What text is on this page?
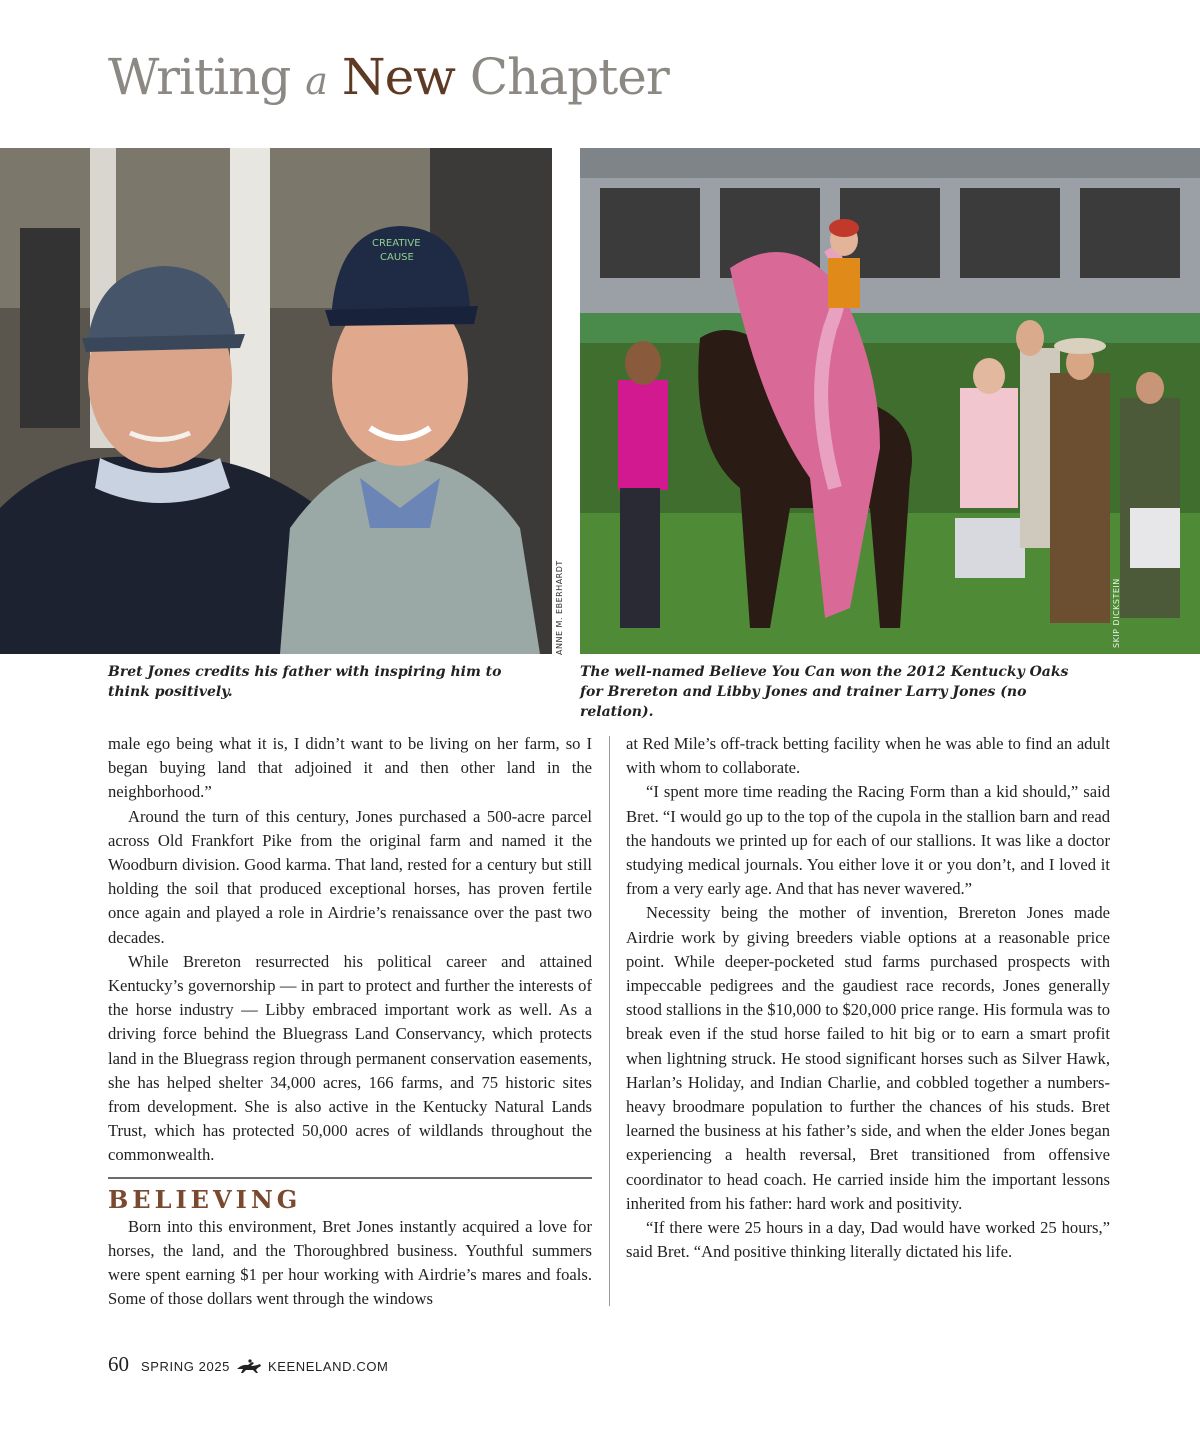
Writing a New Chapter
CREATIVE
CAUSE
ANNE M. EBERHARDT	SKIP DICKSTEIN

Bret Jones credits his father with inspiring him to think positively.

The well-named Believe You Can won the 2012 Kentucky Oaks for Brereton and Libby Jones and trainer Larry Jones (no relation).

male ego being what it is, I didn’t want to be living on her farm, so I began buying land that adjoined it and then other land in the neighborhood.”

Around the turn of this century, Jones purchased a 500-acre parcel across Old Frankfort Pike from the original farm and named it the Woodburn division. Good karma. That land, rested for a century but still holding the soil that produced exceptional horses, has proven fertile once again and played a role in Airdrie’s renaissance over the past two decades.

While Brereton resurrected his political career and attained Kentucky’s governorship — in part to protect and further the interests of the horse industry — Libby embraced important work as well. As a driving force behind the Bluegrass Land Conservancy, which protects land in the Bluegrass region through permanent conservation easements, she has helped shelter 34,000 acres, 166 farms, and 75 historic sites from development. She is also active in the Kentucky Natural Lands Trust, which has protected 50,000 acres of wildlands throughout the commonwealth.

BELIEVING

Born into this environment, Bret Jones instantly acquired a love for horses, the land, and the Thoroughbred business. Youthful summers were spent earning $1 per hour working with Airdrie’s mares and foals. Some of those dollars went through the windows

at Red Mile’s off-track betting facility when he was able to find an adult with whom to collaborate.

“I spent more time reading the Racing Form than a kid should,” said Bret. “I would go up to the top of the cupola in the stallion barn and read the handouts we printed up for each of our stallions. It was like a doctor studying medical journals. You either love it or you don’t, and I loved it from a very early age. And that has never wavered.”

Necessity being the mother of invention, Brereton Jones made Airdrie work by giving breeders viable options at a reasonable price point. While deeper-pocketed stud farms purchased prospects with impeccable pedigrees and the gaudiest race records, Jones generally stood stallions in the $10,000 to $20,000 price range. His formula was to break even if the stud horse failed to hit big or to earn a smart profit when lightning struck. He stood significant horses such as Silver Hawk, Harlan’s Holiday, and Indian Charlie, and cobbled together a numbers-heavy broodmare population to further the chances of his studs. Bret learned the business at his father’s side, and when the elder Jones began experiencing a health reversal, Bret transitioned from offensive coordinator to head coach. He carried inside him the important lessons inherited from his father: hard work and positivity.

“If there were 25 hours in a day, Dad would have worked 25 hours,” said Bret. “And positive thinking literally dictated his life.

60 SPRING 2025	KEENELAND.COM
